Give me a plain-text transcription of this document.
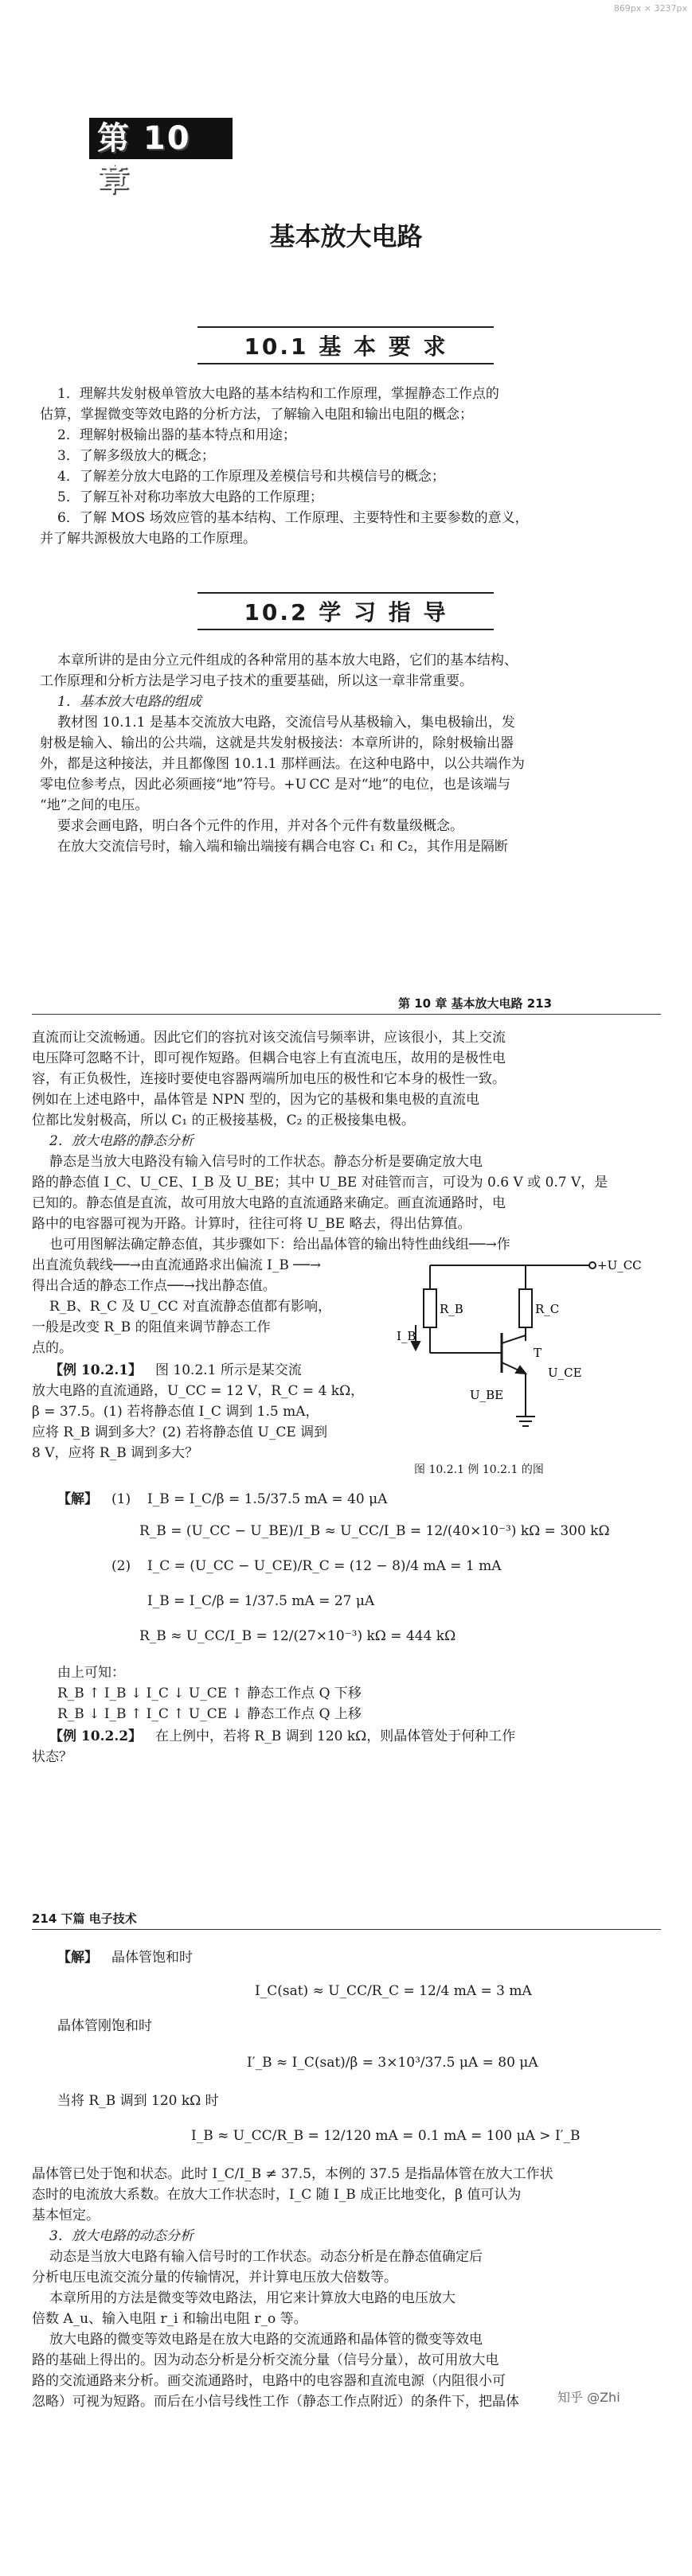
869px × 3237px
第 10 章
基本放大电路
10.1 基 本 要 求
1．理解共发射极单管放大电路的基本结构和工作原理，掌握静态工作点的
估算，掌握微变等效电路的分析方法，了解输入电阻和输出电阻的概念；
2．理解射极输出器的基本特点和用途；
3．了解多级放大的概念；
4．了解差分放大电路的工作原理及差模信号和共模信号的概念；
5．了解互补对称功率放大电路的工作原理；
6．了解 MOS 场效应管的基本结构、工作原理、主要特性和主要参数的意义，
并了解共源极放大电路的工作原理。
10.2 学 习 指 导
本章所讲的是由分立元件组成的各种常用的基本放大电路，它们的基本结构、
工作原理和分析方法是学习电子技术的重要基础，所以这一章非常重要。
1．基本放大电路的组成
教材图 10.1.1 是基本交流放大电路，交流信号从基极输入，集电极输出，发
射极是输入、输出的公共端，这就是共发射极接法：本章所讲的，除射极输出器
外，都是这种接法，并且都像图 10.1.1 那样画法。在这种电路中，以公共端作为
零电位参考点，因此必须画接“地”符号。+U CC 是对“地”的电位，也是该端与
“地”之间的电压。
要求会画电路，明白各个元件的作用，并对各个元件有数量级概念。
在放大交流信号时，输入端和输出端接有耦合电容 C₁ 和 C₂，其作用是隔断
第 10 章 基本放大电路 213
直流而让交流畅通。因此它们的容抗对该交流信号频率讲，应该很小，其上交流
电压降可忽略不计，即可视作短路。但耦合电容上有直流电压，故用的是极性电
容，有正负极性，连接时要使电容器两端所加电压的极性和它本身的极性一致。
例如在上述电路中，晶体管是 NPN 型的，因为它的基极和集电极的直流电
位都比发射极高，所以 C₁ 的正极接基极，C₂ 的正极接集电极。
2．放大电路的静态分析
静态是当放大电路没有输入信号时的工作状态。静态分析是要确定放大电
路的静态值 I_C、U_CE、I_B 及 U_BE；其中 U_BE 对硅管而言，可设为 0.6 V 或 0.7 V，是
已知的。静态值是直流，故可用放大电路的直流通路来确定。画直流通路时，电
路中的电容器可视为开路。计算时，往往可将 U_BE 略去，得出估算值。
也可用图解法确定静态值，其步骤如下：给出晶体管的输出特性曲线组──→作
出直流负载线──→由直流通路求出偏流 I_B ──→
得出合适的静态工作点──→找出静态值。
R_B、R_C 及 U_CC 对直流静态值都有影响，
一般是改变 R_B 的阻值来调节静态工作
点的。
【例 10.2.1】 图 10.2.1 所示是某交流
放大电路的直流通路，U_CC = 12 V，R_C = 4 kΩ，
β = 37.5。(1) 若将静态值 I_C 调到 1.5 mA，
应将 R_B 调到多大？(2) 若将静态值 U_CE 调到
8 V，应将 R_B 调到多大？
+U_CC
R_B	R_C
I_B
T
U_CE
U_BE
图 10.2.1 例 10.2.1 的图
【解】 (1) I_B = I_C/β = 1.5/37.5 mA = 40 μA
R_B = (U_CC − U_BE)/I_B ≈ U_CC/I_B = 12/(40×10⁻³) kΩ = 300 kΩ
(2) I_C = (U_CC − U_CE)/R_C = (12 − 8)/4 mA = 1 mA
I_B = I_C/β = 1/37.5 mA = 27 μA
R_B ≈ U_CC/I_B = 12/(27×10⁻³) kΩ = 444 kΩ
由上可知：
R_B ↑ I_B ↓ I_C ↓ U_CE ↑ 静态工作点 Q 下移
R_B ↓ I_B ↑ I_C ↑ U_CE ↓ 静态工作点 Q 上移
【例 10.2.2】 在上例中，若将 R_B 调到 120 kΩ，则晶体管处于何种工作
状态？
214 下篇 电子技术
【解】 晶体管饱和时
I_C(sat) ≈ U_CC/R_C = 12/4 mA = 3 mA
晶体管刚饱和时
I′_B ≈ I_C(sat)/β = 3×10³/37.5 μA = 80 μA
当将 R_B 调到 120 kΩ 时
I_B ≈ U_CC/R_B = 12/120 mA = 0.1 mA = 100 μA > I′_B
晶体管已处于饱和状态。此时 I_C/I_B ≠ 37.5，本例的 37.5 是指晶体管在放大工作状
态时的电流放大系数。在放大工作状态时，I_C 随 I_B 成正比地变化，β 值可认为
基本恒定。
3．放大电路的动态分析
动态是当放大电路有输入信号时的工作状态。动态分析是在静态值确定后
分析电压电流交流分量的传输情况，并计算电压放大倍数等。
本章所用的方法是微变等效电路法，用它来计算放大电路的电压放大
倍数 A_u、输入电阻 r_i 和输出电阻 r_o 等。
放大电路的微变等效电路是在放大电路的交流通路和晶体管的微变等效电
路的基础上得出的。因为动态分析是分析交流分量（信号分量），故可用放大电
路的交流通路来分析。画交流通路时，电路中的电容器和直流电源（内阻很小可
忽略）可视为短路。而后在小信号线性工作（静态工作点附近）的条件下，把晶体	知乎 @Zhi
